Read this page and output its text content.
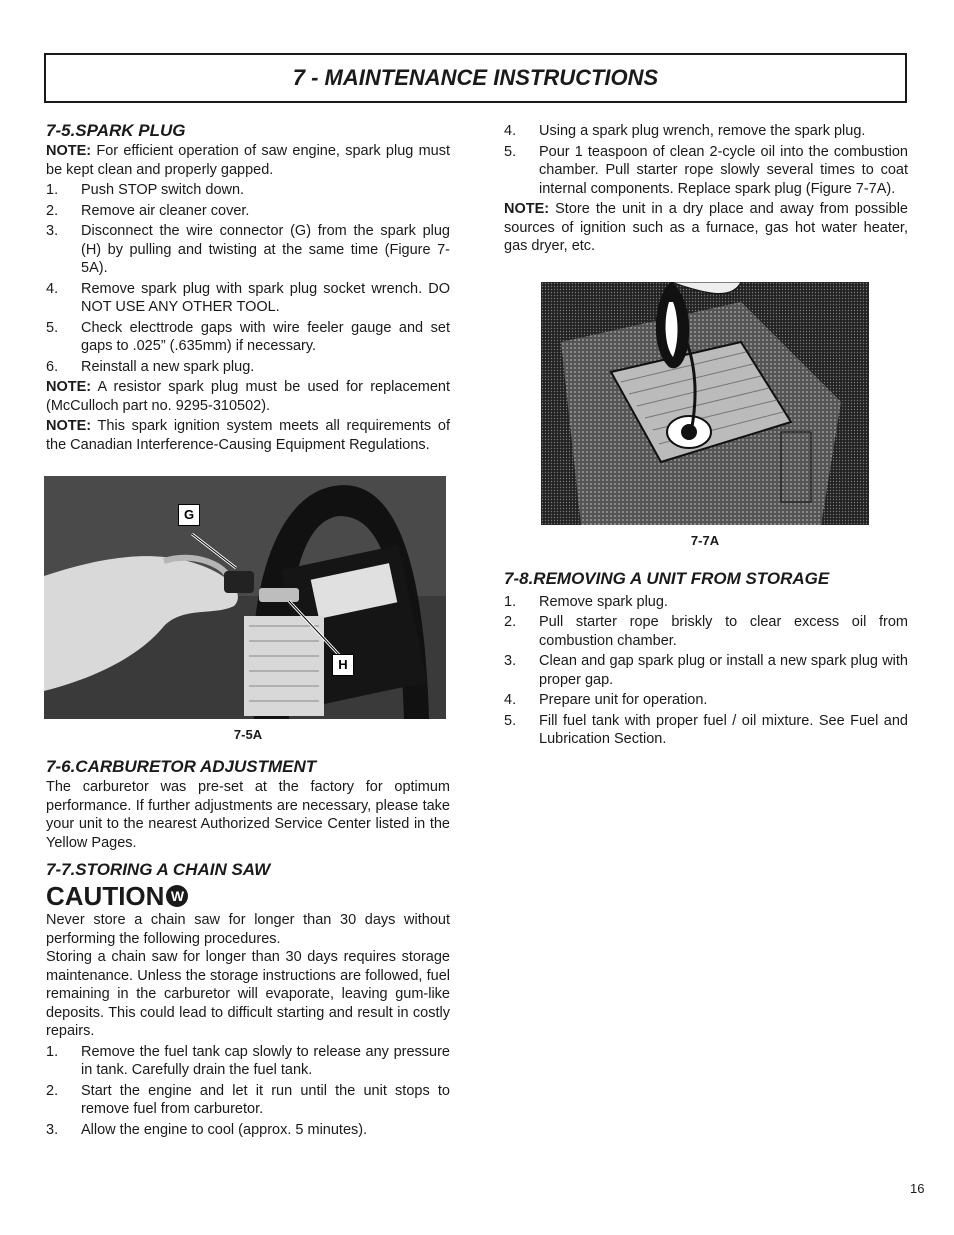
7 - MAINTENANCE INSTRUCTIONS
7-5.SPARK PLUG

NOTE: For efficient operation of saw engine, spark plug must be kept clean and properly gapped.

1. Push STOP switch down.
2. Remove air cleaner cover.
3. Disconnect the wire connector (G) from the spark plug (H) by pulling and twisting at the same time (Figure 7-5A).
4. Remove spark plug with spark plug socket wrench. DO NOT USE ANY OTHER TOOL.
5. Check electtrode gaps with wire feeler gauge and set gaps to .025” (.635mm) if necessary.
6. Reinstall a new spark plug.

NOTE: A resistor spark plug must be used for replacement (McCulloch part no. 9295-310502).

NOTE: This spark ignition system meets all requirements of the Canadian Interference-Causing Equipment Regulations.

G
H
7-5A
7-6.CARBURETOR ADJUSTMENT

The carburetor was pre-set at the factory for optimum performance. If further adjustments are necessary, please take your unit to the nearest Authorized Service Center listed in the Yellow Pages.

7-7.STORING A CHAIN SAW
CAUTION W

Never store a chain saw for longer than 30 days without performing the following procedures.

Storing a chain saw for longer than 30 days requires storage maintenance. Unless the storage instructions are followed, fuel remaining in the carburetor will evaporate, leaving gum-like deposits. This could lead to difficult starting and result in costly repairs.

1. Remove the fuel tank cap slowly to release any pressure in tank. Carefully drain the fuel tank.
2. Start the engine and let it run until the unit stops to remove fuel from carburetor.
3. Allow the engine to cool (approx. 5 minutes).
4. Using a spark plug wrench, remove the spark plug.
5. Pour 1 teaspoon of clean 2-cycle oil into the combustion chamber. Pull starter rope slowly several times to coat internal components. Replace spark plug (Figure 7-7A).

NOTE: Store the unit in a dry place and away from possible sources of ignition such as a furnace, gas hot water heater, gas dryer, etc.

7-7A
7-8.REMOVING A UNIT FROM STORAGE
1. Remove spark plug.
2. Pull starter rope briskly to clear excess oil from combustion chamber.
3. Clean and gap spark plug or install a new spark plug with proper gap.
4. Prepare unit for operation.
5. Fill fuel tank with proper fuel / oil mixture. See Fuel and Lubrication Section.
16
